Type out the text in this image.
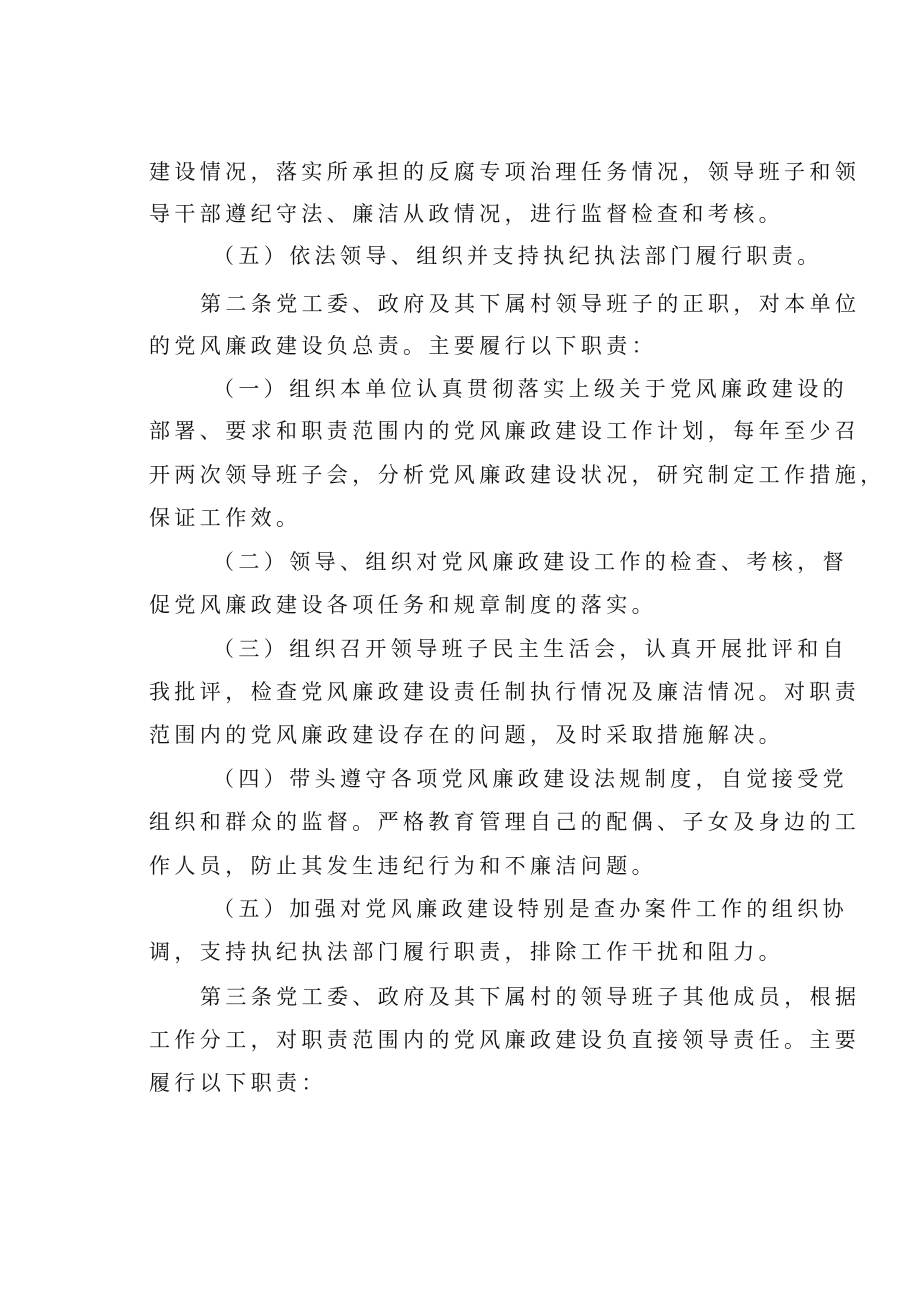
建设情况，落实所承担的反腐专项治理任务情况，领导班子和领
导干部遵纪守法、廉洁从政情况，进行监督检查和考核。
（五）依法领导、组织并支持执纪执法部门履行职责。
第二条党工委、政府及其下属村领导班子的正职，对本单位
的党风廉政建设负总责。主要履行以下职责：
（一）组织本单位认真贯彻落实上级关于党风廉政建设的
部署、要求和职责范围内的党风廉政建设工作计划，每年至少召
开两次领导班子会，分析党风廉政建设状况，研究制定工作措施，
保证工作效。
（二）领导、组织对党风廉政建设工作的检查、考核，督
促党风廉政建设各项任务和规章制度的落实。
（三）组织召开领导班子民主生活会，认真开展批评和自
我批评，检查党风廉政建设责任制执行情况及廉洁情况。对职责
范围内的党风廉政建设存在的问题，及时采取措施解决。
（四）带头遵守各项党风廉政建设法规制度，自觉接受党
组织和群众的监督。严格教育管理自己的配偶、子女及身边的工
作人员，防止其发生违纪行为和不廉洁问题。
（五）加强对党风廉政建设特别是查办案件工作的组织协
调，支持执纪执法部门履行职责，排除工作干扰和阻力。
第三条党工委、政府及其下属村的领导班子其他成员，根据
工作分工，对职责范围内的党风廉政建设负直接领导责任。主要
履行以下职责：
